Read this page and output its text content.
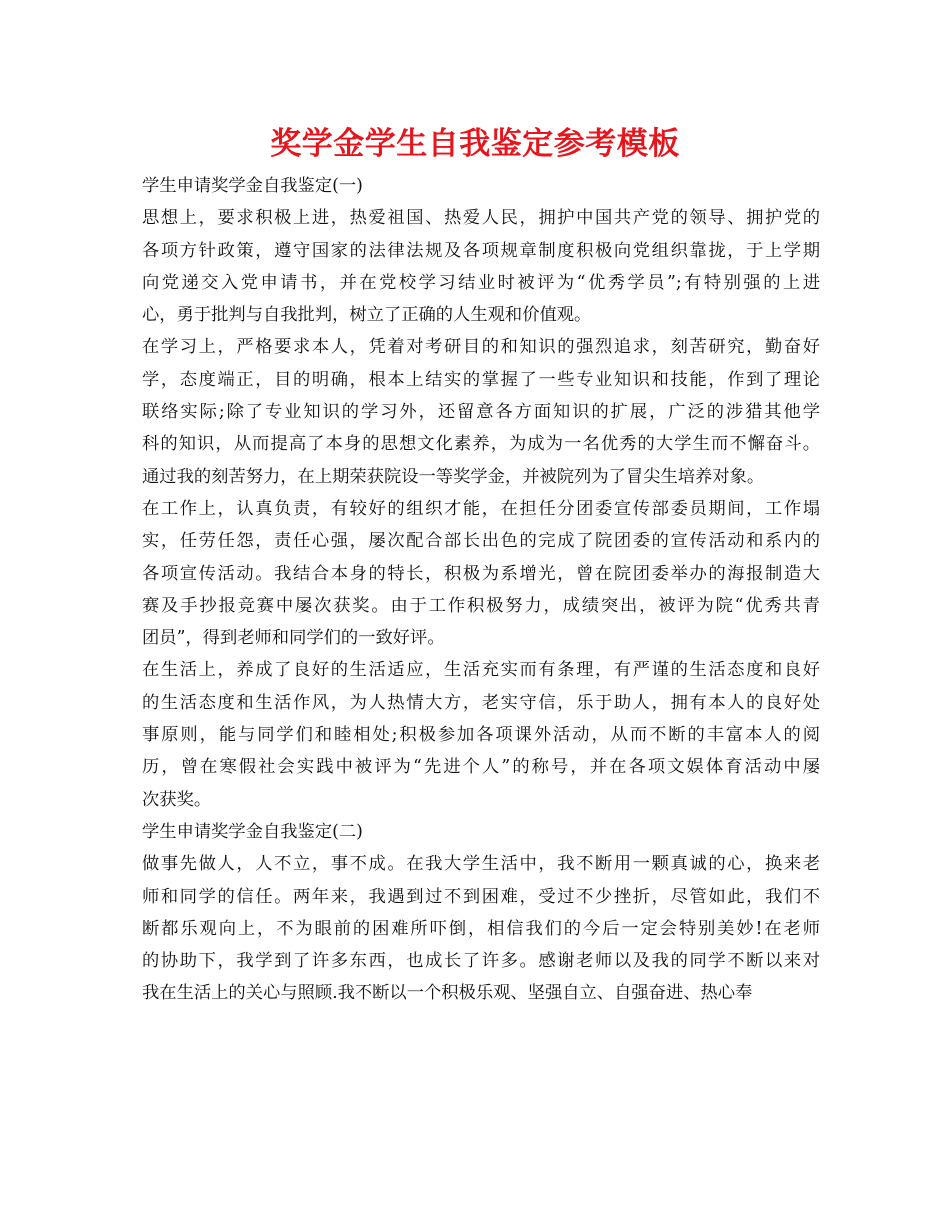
奖学金学生自我鉴定参考模板
学生申请奖学金自我鉴定(一)
思想上，要求积极上进，热爱祖国、热爱人民，拥护中国共产党的领导、拥护党的
各项方针政策，遵守国家的法律法规及各项规章制度积极向党组织靠拢，于上学期
向党递交入党申请书，并在党校学习结业时被评为“优秀学员”;有特别强的上进
心，勇于批判与自我批判，树立了正确的人生观和价值观。
在学习上，严格要求本人，凭着对考研目的和知识的强烈追求，刻苦研究，勤奋好
学，态度端正，目的明确，根本上结实的掌握了一些专业知识和技能，作到了理论
联络实际;除了专业知识的学习外，还留意各方面知识的扩展，广泛的涉猎其他学
科的知识，从而提高了本身的思想文化素养，为成为一名优秀的大学生而不懈奋斗。
通过我的刻苦努力，在上期荣获院设一等奖学金，并被院列为了冒尖生培养对象。
在工作上，认真负责，有较好的组织才能，在担任分团委宣传部委员期间，工作塌
实，任劳任怨，责任心强，屡次配合部长出色的完成了院团委的宣传活动和系内的
各项宣传活动。我结合本身的特长，积极为系增光，曾在院团委举办的海报制造大
赛及手抄报竞赛中屡次获奖。由于工作积极努力，成绩突出，被评为院“优秀共青
团员”，得到老师和同学们的一致好评。
在生活上，养成了良好的生活适应，生活充实而有条理，有严谨的生活态度和良好
的生活态度和生活作风，为人热情大方，老实守信，乐于助人，拥有本人的良好处
事原则，能与同学们和睦相处;积极参加各项课外活动，从而不断的丰富本人的阅
历，曾在寒假社会实践中被评为“先进个人”的称号，并在各项文娱体育活动中屡
次获奖。
学生申请奖学金自我鉴定(二)
做事先做人，人不立，事不成。在我大学生活中，我不断用一颗真诚的心，换来老
师和同学的信任。两年来，我遇到过不到困难，受过不少挫折，尽管如此，我们不
断都乐观向上，不为眼前的困难所吓倒，相信我们的今后一定会特别美妙!在老师
的协助下，我学到了许多东西，也成长了许多。感谢老师以及我的同学不断以来对
我在生活上的关心与照顾.我不断以一个积极乐观、坚强自立、自强奋进、热心奉
